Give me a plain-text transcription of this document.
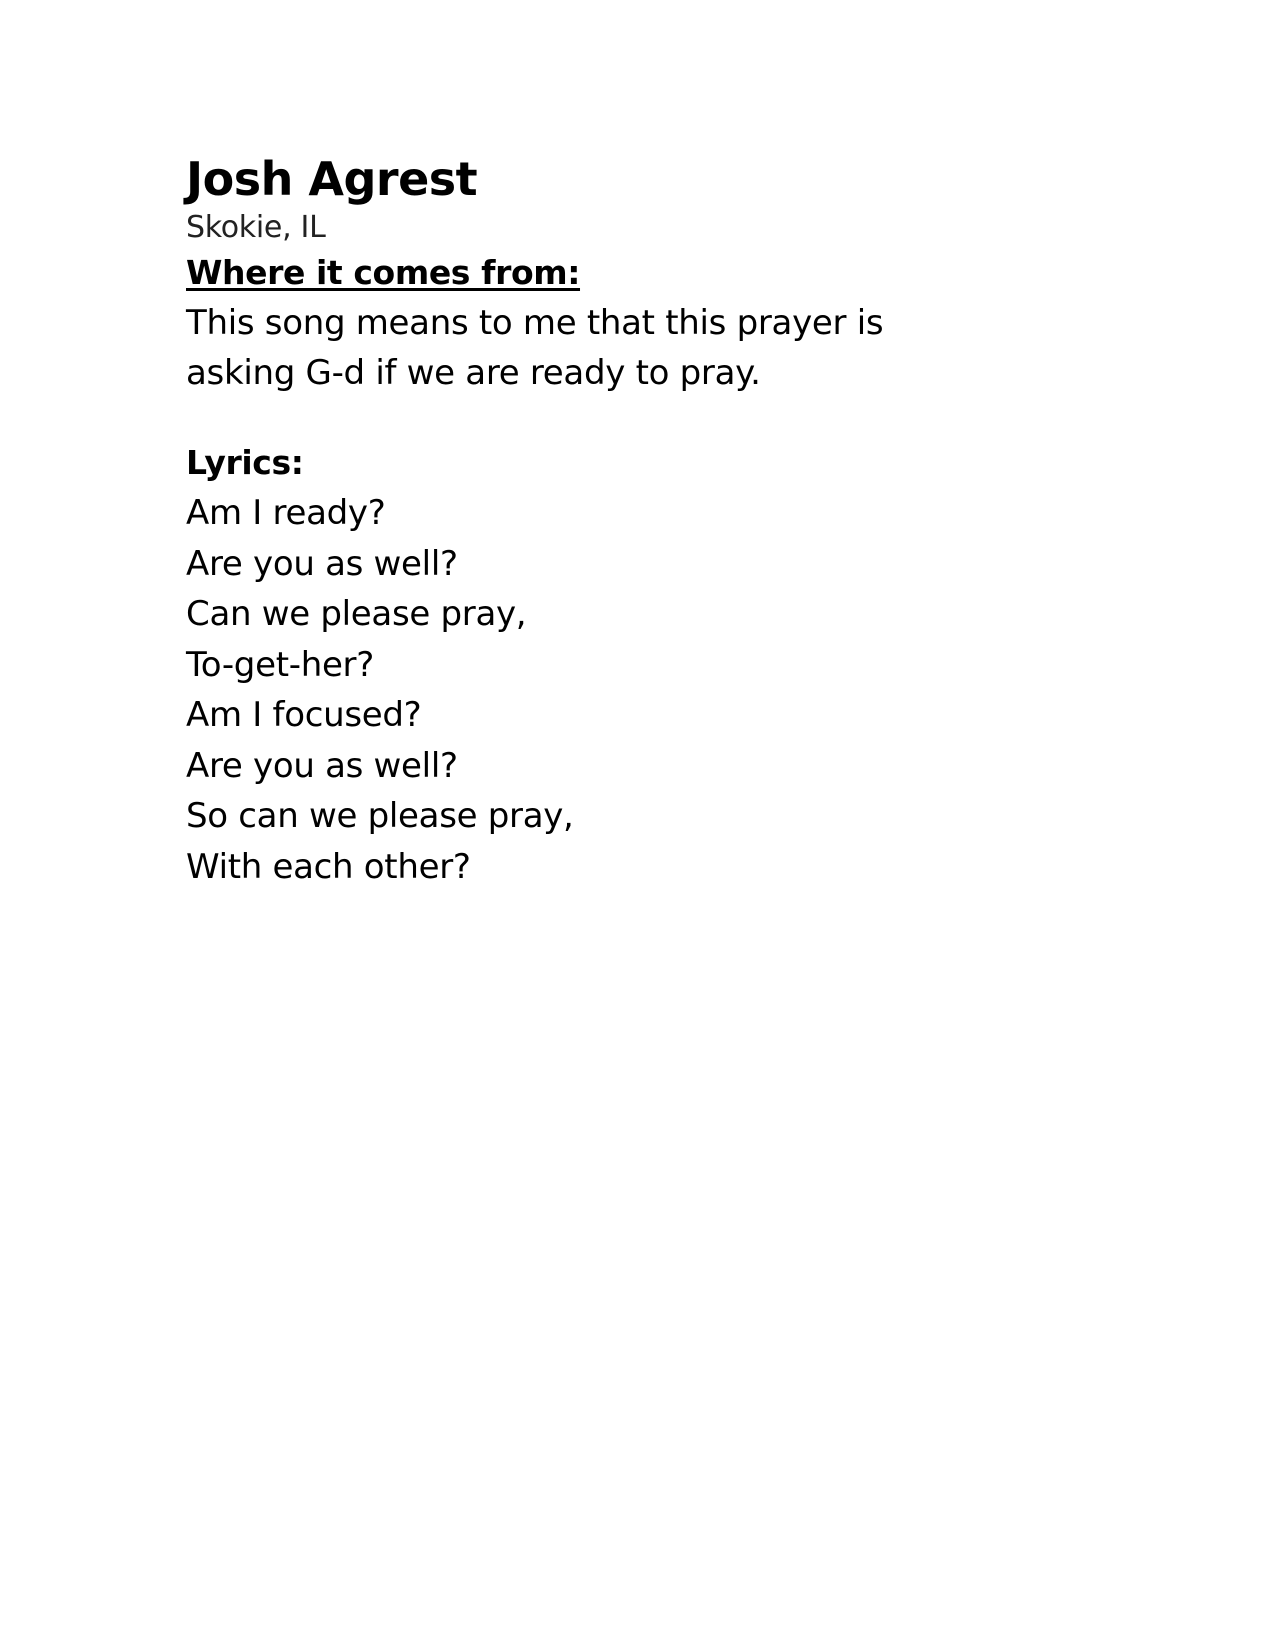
Josh Agrest

Skokie, IL

Where it comes from:

This song means to me that this prayer is

asking G-d if we are ready to pray.

Lyrics:
Am I ready?
Are you as well?
Can we please pray,
To-get-her?
Am I focused?
Are you as well?
So can we please pray,
With each other?
